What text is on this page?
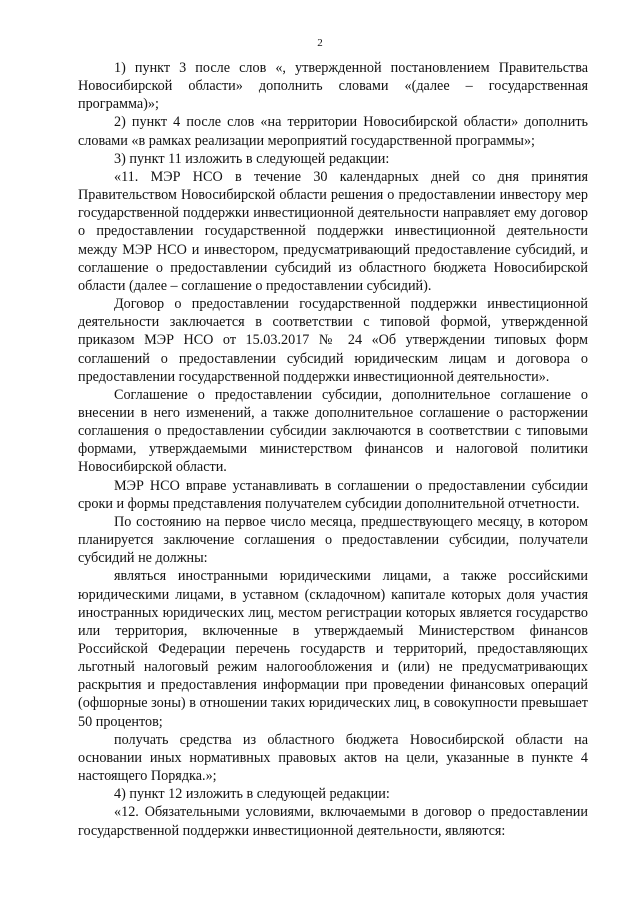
2

1) пункт 3 после слов «, утвержденной постановлением Правительства Новосибирской области» дополнить словами «(далее – государственная программа)»;

2) пункт 4 после слов «на территории Новосибирской области» дополнить словами «в рамках реализации мероприятий государственной программы»;

3) пункт 11 изложить в следующей редакции:

«11. МЭР НСО в течение 30 календарных дней со дня принятия Правительством Новосибирской области решения о предоставлении инвестору мер государственной поддержки инвестиционной деятельности направляет ему договор о предоставлении государственной поддержки инвестиционной деятельности между МЭР НСО и инвестором, предусматривающий предоставление субсидий, и соглашение о предоставлении субсидий из областного бюджета Новосибирской области (далее – соглашение о предоставлении субсидий).

Договор о предоставлении государственной поддержки инвестиционной деятельности заключается в соответствии с типовой формой, утвержденной приказом МЭР НСО от 15.03.2017 № 24 «Об утверждении типовых форм соглашений о предоставлении субсидий юридическим лицам и договора о предоставлении государственной поддержки инвестиционной деятельности».

Соглашение о предоставлении субсидии, дополнительное соглашение о внесении в него изменений, а также дополнительное соглашение о расторжении соглашения о предоставлении субсидии заключаются в соответствии с типовыми формами, утверждаемыми министерством финансов и налоговой политики Новосибирской области.

МЭР НСО вправе устанавливать в соглашении о предоставлении субсидии сроки и формы представления получателем субсидии дополнительной отчетности.

По состоянию на первое число месяца, предшествующего месяцу, в котором планируется заключение соглашения о предоставлении субсидии, получатели субсидий не должны:

являться иностранными юридическими лицами, а также российскими юридическими лицами, в уставном (складочном) капитале которых доля участия иностранных юридических лиц, местом регистрации которых является государство или территория, включенные в утверждаемый Министерством финансов Российской Федерации перечень государств и территорий, предоставляющих льготный налоговый режим налогообложения и (или) не предусматривающих раскрытия и предоставления информации при проведении финансовых операций (офшорные зоны) в отношении таких юридических лиц, в совокупности превышает 50 процентов;

получать средства из областного бюджета Новосибирской области на основании иных нормативных правовых актов на цели, указанные в пункте 4 настоящего Порядка.»;

4) пункт 12 изложить в следующей редакции:

«12. Обязательными условиями, включаемыми в договор о предоставлении государственной поддержки инвестиционной деятельности, являются:
